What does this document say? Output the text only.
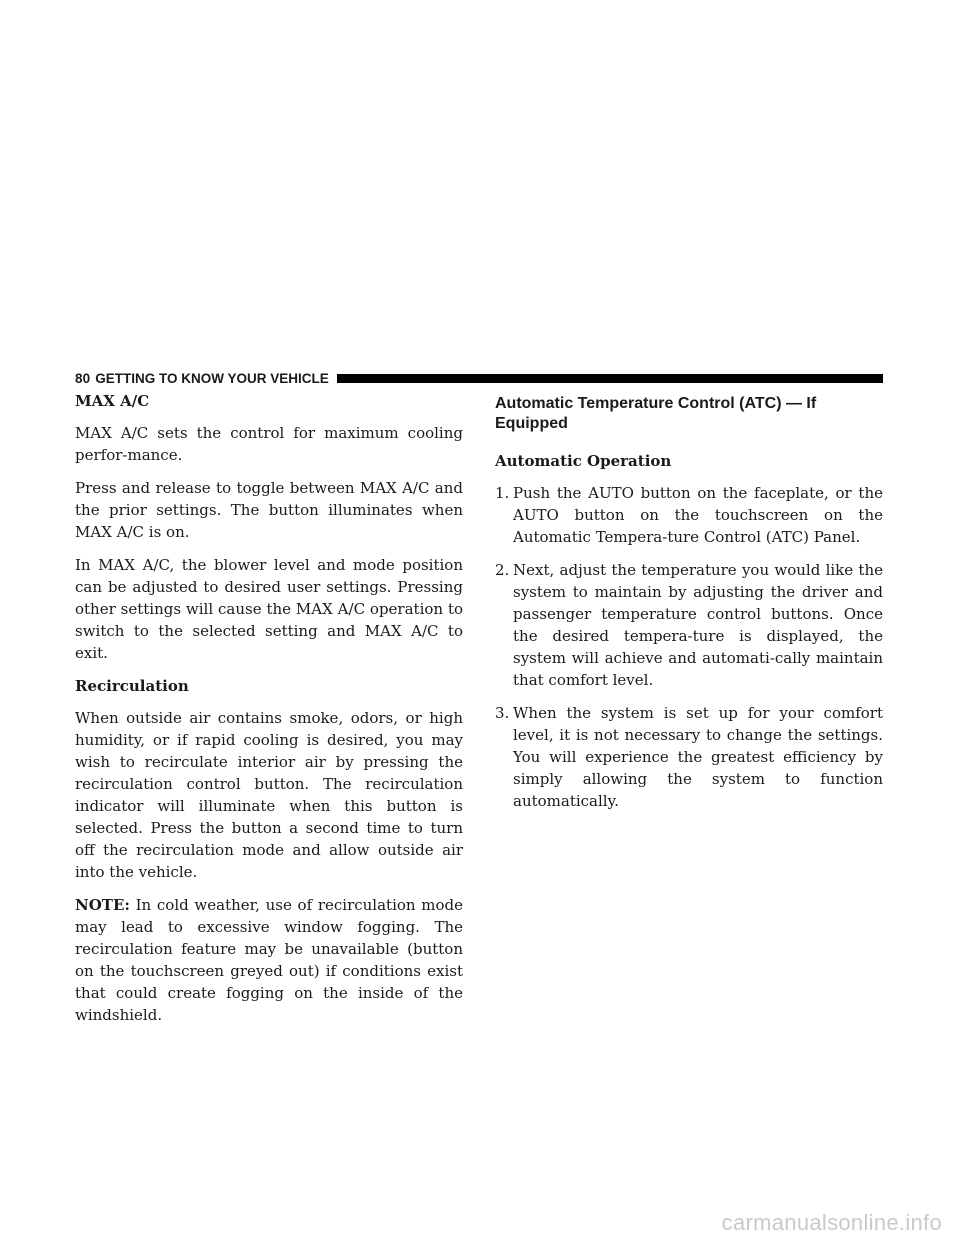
80 GETTING TO KNOW YOUR VEHICLE
MAX A/C

MAX A/C sets the control for maximum cooling perfor-mance.

Press and release to toggle between MAX A/C and the prior settings. The button illuminates when MAX A/C is on.

In MAX A/C, the blower level and mode position can be adjusted to desired user settings. Pressing other settings will cause the MAX A/C operation to switch to the selected setting and MAX A/C to exit.

Recirculation

When outside air contains smoke, odors, or high humidity, or if rapid cooling is desired, you may wish to recirculate interior air by pressing the recirculation control button. The recirculation indicator will illuminate when this button is selected. Press the button a second time to turn off the recirculation mode and allow outside air into the vehicle.

NOTE: In cold weather, use of recirculation mode may lead to excessive window fogging. The recirculation feature may be unavailable (button on the touchscreen greyed out) if conditions exist that could create fogging on the inside of the windshield.

Automatic Temperature Control (ATC) — If Equipped
Automatic Operation
1. Push the AUTO button on the faceplate, or the AUTO button on the touchscreen on the Automatic Tempera-ture Control (ATC) Panel.
2. Next, adjust the temperature you would like the system to maintain by adjusting the driver and passenger temperature control buttons. Once the desired tempera-ture is displayed, the system will achieve and automati-cally maintain that comfort level.
3. When the system is set up for your comfort level, it is not necessary to change the settings. You will experience the greatest efficiency by simply allowing the system to function automatically.
carmanualsonline.info
